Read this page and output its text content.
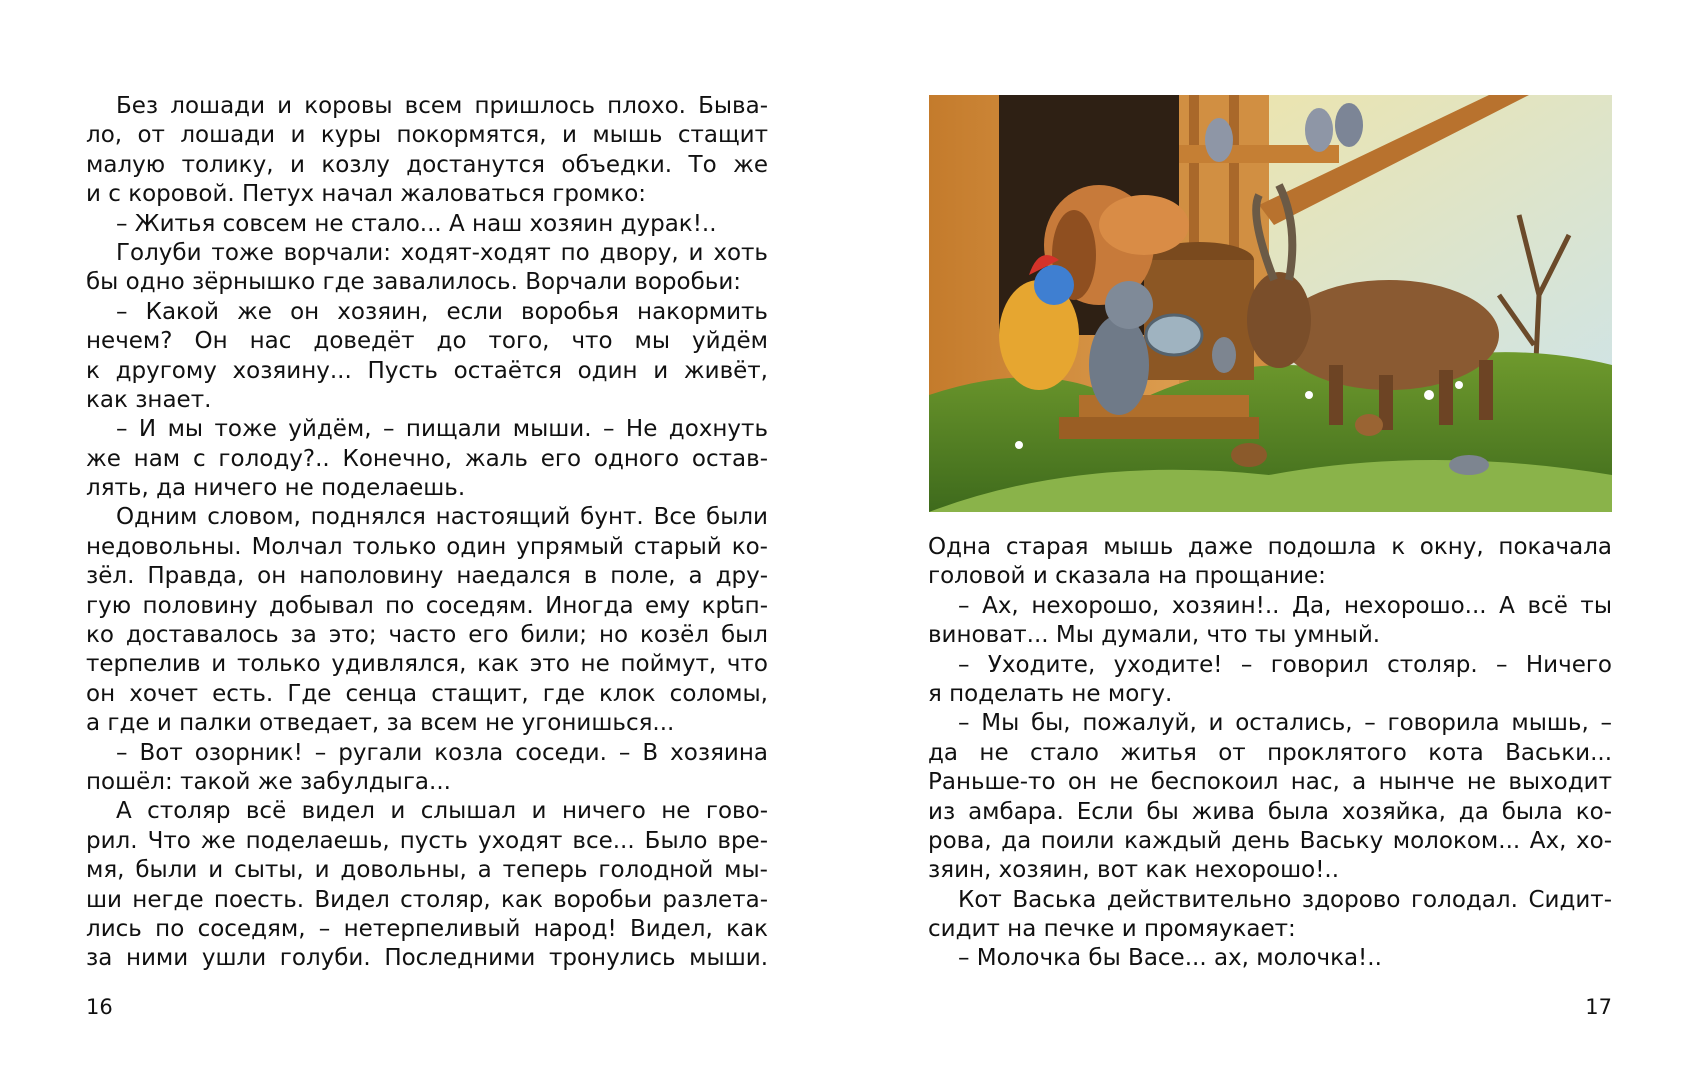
Без лошади и коровы всем пришлось плохо. Быва-
ло, от лошади и куры покормятся, и мышь стащит
малую толику, и козлу достанутся объедки. То же
и с коровой. Петух начал жаловаться громко:
– Житья совсем не стало... А наш хозяин дурак!..
Голуби тоже ворчали: ходят-ходят по двору, и хоть
бы одно зёрнышко где завалилось. Ворчали воробьи:
– Какой же он хозяин, если воробья накормить
нечем? Он нас доведёт до того, что мы уйдём
к другому хозяину... Пусть остаётся один и живёт,
как знает.
– И мы тоже уйдём, – пищали мыши. – Не дохнуть
же нам с голоду?.. Конечно, жаль его одного остав-
лять, да ничего не поделаешь.
Одним словом, поднялся настоящий бунт. Все были
недовольны. Молчал только один упрямый старый ко-
зёл. Правда, он наполовину наедался в поле, а дру-
гую половину добывал по соседям. Иногда ему крեп-
ко доставалось за это; часто его били; но козёл был
терпелив и только удивлялся, как это не поймут, что
он хочет есть. Где сенца стащит, где клок соломы,
а где и палки отведает, за всем не угонишься...
– Вот озорник! – ругали козла соседи. – В хозяина
пошёл: такой же забулдыга...
А столяр всё видел и слышал и ничего не гово-
рил. Что же поделаешь, пусть уходят все... Было вре-
мя, были и сыты, и довольны, а теперь голодной мы-
ши негде поесть. Видел столяр, как воробьи разлета-
лись по соседям, – нетерпеливый народ! Видел, как
за ними ушли голуби. Последними тронулись мыши.
16
Одна старая мышь даже подошла к окну, покачала
головой и сказала на прощание:
– Ах, нехорошо, хозяин!.. Да, нехорошо... А всё ты
виноват... Мы думали, что ты умный.
– Уходите, уходите! – говорил столяр. – Ничего
я поделать не могу.
– Мы бы, пожалуй, и остались, – говорила мышь, –
да не стало житья от проклятого кота Васьки...
Раньше-то он не беспокоил нас, а нынче не выходит
из амбара. Если бы жива была хозяйка, да была ко-
рова, да поили каждый день Ваську молоком... Ах, хо-
зяин, хозяин, вот как нехорошо!..
Кот Васька действительно здорово голодал. Сидит-
сидит на печке и промяукает:
– Молочка бы Васе... ах, молочка!..
17
